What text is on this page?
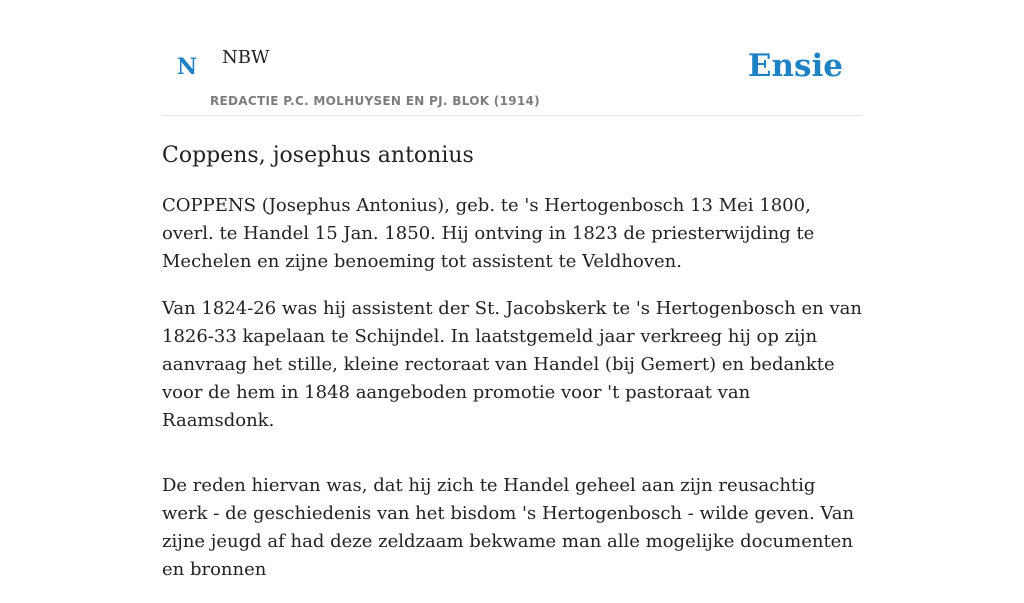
N NBW
REDACTIE P.C. MOLHUYSEN EN PJ. BLOK (1914)
Ensie
Coppens, josephus antonius

COPPENS (Josephus Antonius), geb. te 's Hertogenbosch 13 Mei 1800, overl. te Handel 15 Jan. 1850. Hij ontving in 1823 de priesterwijding te Mechelen en zijne benoeming tot assistent te Veldhoven.

Van 1824-26 was hij assistent der St. Jacobskerk te 's Hertogenbosch en van 1826-33 kapelaan te Schijndel. In laatstgemeld jaar verkreeg hij op zijn aanvraag het stille, kleine rectoraat van Handel (bij Gemert) en bedankte voor de hem in 1848 aangeboden promotie voor 't pastoraat van Raamsdonk.

De reden hiervan was, dat hij zich te Handel geheel aan zijn reusachtig werk - de geschiedenis van het bisdom 's Hertogenbosch - wilde geven. Van zijne jeugd af had deze zeldzaam bekwame man alle mogelijke documenten en bronnen
